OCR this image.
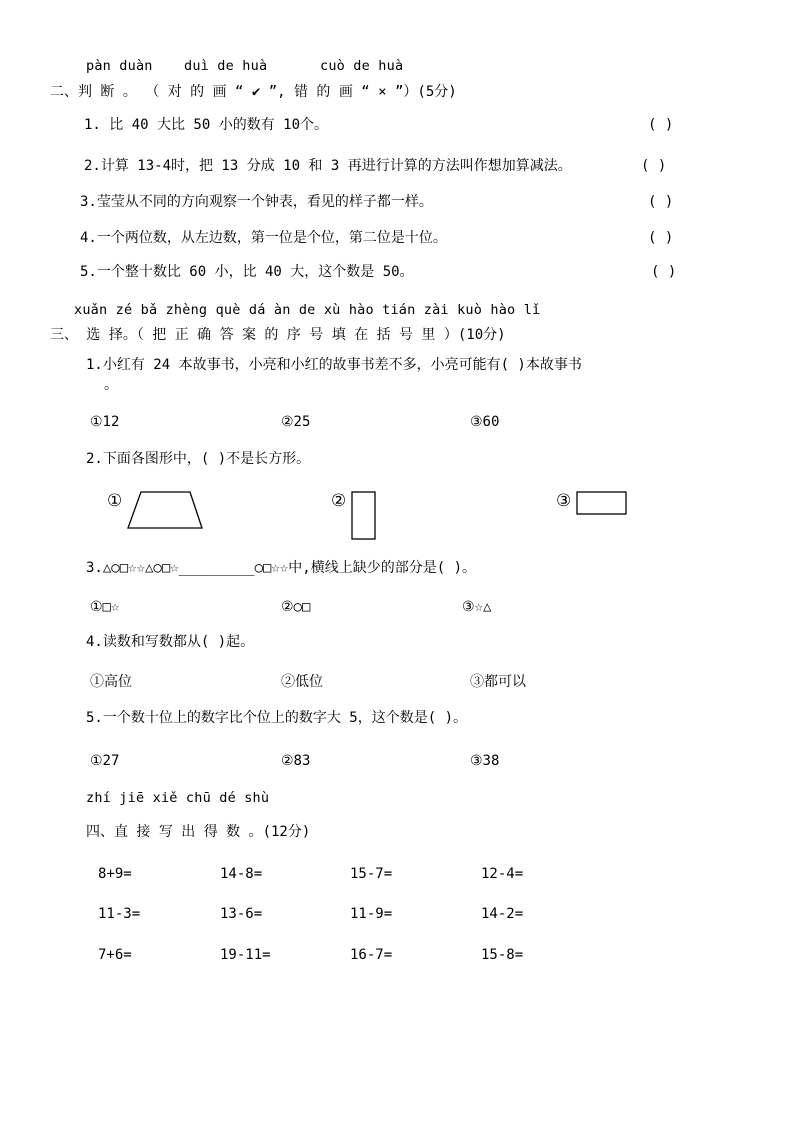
pàn duàn duì de huà	cuò de huà
二、判 断 。 （ 对 的 画 “ ✔ ”, 错 的 画 “ × ”）(5分)
1. 比 40 大比 50 小的数有 10个。	( )
2.计算 13-4时，把 13 分成 10 和 3 再进行计算的方法叫作想加算减法。	( )
3.莹莹从不同的方向观察一个钟表，看见的样子都一样。	( )
4.一个两位数，从左边数，第一位是个位，第二位是十位。	( )
5.一个整十数比 60 小，比 40 大，这个数是 50。	( )
xuǎn zé bǎ zhèng què dá àn de xù hào tián zài kuò hào lǐ
三、 选 择。（ 把 正 确 答 案 的 序 号 填 在 括 号 里 ）(10分)
1.小红有 24 本故事书，小亮和小红的故事书差不多，小亮可能有( )本故事书
。
①12	②25	③60
2.下面各图形中，( )不是长方形。
①	②	③
3.△○□☆☆△○□☆_________○□☆☆中,横线上缺少的部分是( )。
①□☆	②○□	③☆△
4.读数和写数都从( )起。
①高位	②低位	③都可以
5.一个数十位上的数字比个位上的数字大 5，这个数是( )。
①27	②83	③38
zhí jiē xiě chū dé shù
四、直 接 写 出 得 数 。(12分)
8+9=	14-8=	15-7=	12-4=
11-3=	13-6=	11-9=	14-2=
7+6=	19-11=	16-7=	15-8=
